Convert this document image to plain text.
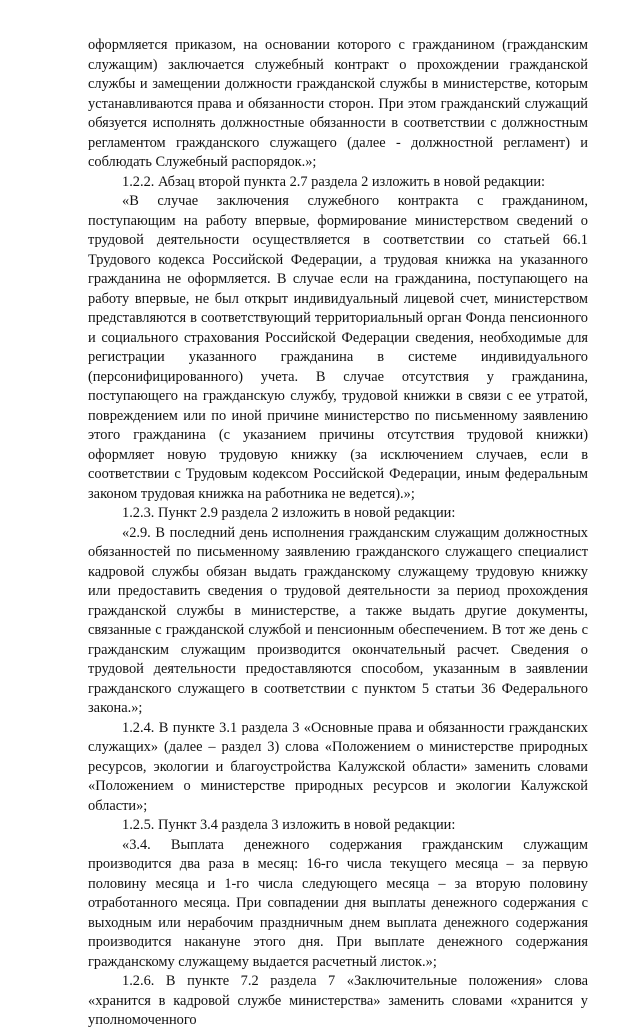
оформляется приказом, на основании которого с гражданином (гражданским служащим) заключается служебный контракт о прохождении гражданской службы и замещении должности гражданской службы в министерстве, которым устанавливаются права и обязанности сторон. При этом гражданский служащий обязуется исполнять должностные обязанности в соответствии с должностным регламентом гражданского служащего (далее - должностной регламент) и соблюдать Служебный распорядок.»;

1.2.2. Абзац второй пункта 2.7 раздела 2 изложить в новой редакции:

«В случае заключения служебного контракта с гражданином, поступающим на работу впервые, формирование министерством сведений о трудовой деятельности осуществляется в соответствии со статьей 66.1 Трудового кодекса Российской Федерации, а трудовая книжка на указанного гражданина не оформляется. В случае если на гражданина, поступающего на работу впервые, не был открыт индивидуальный лицевой счет, министерством представляются в соответствующий территориальный орган Фонда пенсионного и социального страхования Российской Федерации сведения, необходимые для регистрации указанного гражданина в системе индивидуального (персонифицированного) учета. В случае отсутствия у гражданина, поступающего на гражданскую службу, трудовой книжки в связи с ее утратой, повреждением или по иной причине министерство по письменному заявлению этого гражданина (с указанием причины отсутствия трудовой книжки) оформляет новую трудовую книжку (за исключением случаев, если в соответствии с Трудовым кодексом Российской Федерации, иным федеральным законом трудовая книжка на работника не ведется).»;

1.2.3. Пункт 2.9 раздела 2 изложить в новой редакции:

«2.9. В последний день исполнения гражданским служащим должностных обязанностей по письменному заявлению гражданского служащего специалист кадровой службы обязан выдать гражданскому служащему трудовую книжку или предоставить сведения о трудовой деятельности за период прохождения гражданской службы в министерстве, а также выдать другие документы, связанные с гражданской службой и пенсионным обеспечением. В тот же день с гражданским служащим производится окончательный расчет. Сведения о трудовой деятельности предоставляются способом, указанным в заявлении гражданского служащего в соответствии с пунктом 5 статьи 36 Федерального закона.»;

1.2.4. В пункте 3.1 раздела 3 «Основные права и обязанности гражданских служащих» (далее – раздел 3) слова «Положением о министерстве природных ресурсов, экологии и благоустройства Калужской области» заменить словами «Положением о министерстве природных ресурсов и экологии Калужской области»;

1.2.5. Пункт 3.4 раздела 3 изложить в новой редакции:

«3.4. Выплата денежного содержания гражданским служащим производится два раза в месяц: 16-го числа текущего месяца – за первую половину месяца и 1-го числа следующего месяца – за вторую половину отработанного месяца. При совпадении дня выплаты денежного содержания с выходным или нерабочим праздничным днем выплата денежного содержания производится накануне этого дня. При выплате денежного содержания гражданскому служащему выдается расчетный листок.»;

1.2.6. В пункте 7.2 раздела 7 «Заключительные положения» слова «хранится в кадровой службе министерства» заменить словами «хранится у уполномоченного
